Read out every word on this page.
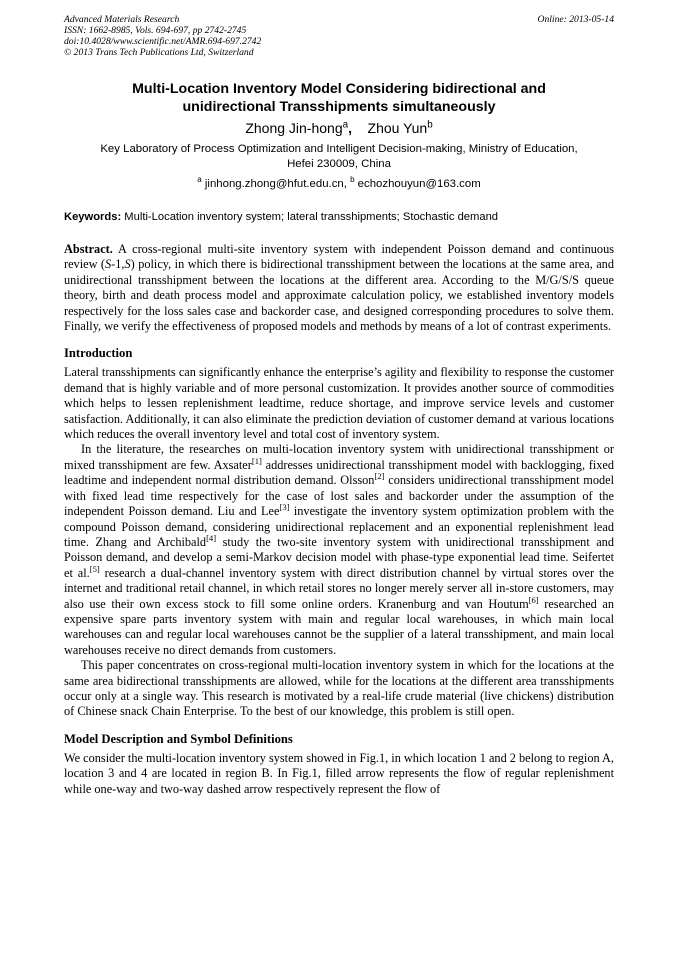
Advanced Materials Research
ISSN: 1662-8985, Vols. 694-697, pp 2742-2745
doi:10.4028/www.scientific.net/AMR.694-697.2742
© 2013 Trans Tech Publications Ltd, Switzerland
Online: 2013-05-14
Multi-Location Inventory Model Considering bidirectional and
unidirectional Transshipments simultaneously
Zhong Jin-hong$^a$, Zhou Yun$^b$
Key Laboratory of Process Optimization and Intelligent Decision-making, Ministry of Education,
Hefei 230009, China
$^a$ jinhong.zhong@hfut.edu.cn, $^b$ echozhouyun@163.com
Keywords: Multi-Location inventory system; lateral transshipments; Stochastic demand

Abstract. A cross-regional multi-site inventory system with independent Poisson demand and continuous review (S-1,S) policy, in which there is bidirectional transshipment between the locations at the same area, and unidirectional transshipment between the locations at the different area. According to the M/G/S/S queue theory, birth and death process model and approximate calculation policy, we established inventory models respectively for the loss sales case and backorder case, and designed corresponding procedures to solve them. Finally, we verify the effectiveness of proposed models and methods by means of a lot of contrast experiments.

Introduction

Lateral transshipments can significantly enhance the enterprise’s agility and flexibility to response the customer demand that is highly variable and of more personal customization. It provides another source of commodities which helps to lessen replenishment leadtime, reduce shortage, and improve service levels and customer satisfaction. Additionally, it can also eliminate the prediction deviation of customer demand at various locations which reduces the overall inventory level and total cost of inventory system.

In the literature, the researches on multi-location inventory system with unidirectional transshipment or mixed transshipment are few. Axsater[1] addresses unidirectional transshipment model with backlogging, fixed leadtime and independent normal distribution demand. Olsson[2] considers unidirectional transshipment model with fixed lead time respectively for the case of lost sales and backorder under the assumption of the independent Poisson demand. Liu and Lee[3] investigate the inventory system optimization problem with the compound Poisson demand, considering unidirectional replacement and an exponential replenishment lead time. Zhang and Archibald[4] study the two-site inventory system with unidirectional transshipment and Poisson demand, and develop a semi-Markov decision model with phase-type exponential lead time. Seifertet et al.[5] research a dual-channel inventory system with direct distribution channel by virtual stores over the internet and traditional retail channel, in which retail stores no longer merely server all in-store customers, may also use their own excess stock to fill some online orders. Kranenburg and van Houtum[6] researched an expensive spare parts inventory system with main and regular local warehouses, in which main local warehouses can and regular local warehouses cannot be the supplier of a lateral transshipment, and main local warehouses receive no direct demands from customers.

This paper concentrates on cross-regional multi-location inventory system in which for the locations at the same area bidirectional transshipments are allowed, while for the locations at the different area transshipments occur only at a single way. This research is motivated by a real-life crude material (live chickens) distribution of Chinese snack Chain Enterprise. To the best of our knowledge, this problem is still open.

Model Description and Symbol Definitions

We consider the multi-location inventory system showed in Fig.1, in which location 1 and 2 belong to region A, location 3 and 4 are located in region B. In Fig.1, filled arrow represents the flow of regular replenishment while one-way and two-way dashed arrow respectively represent the flow of
